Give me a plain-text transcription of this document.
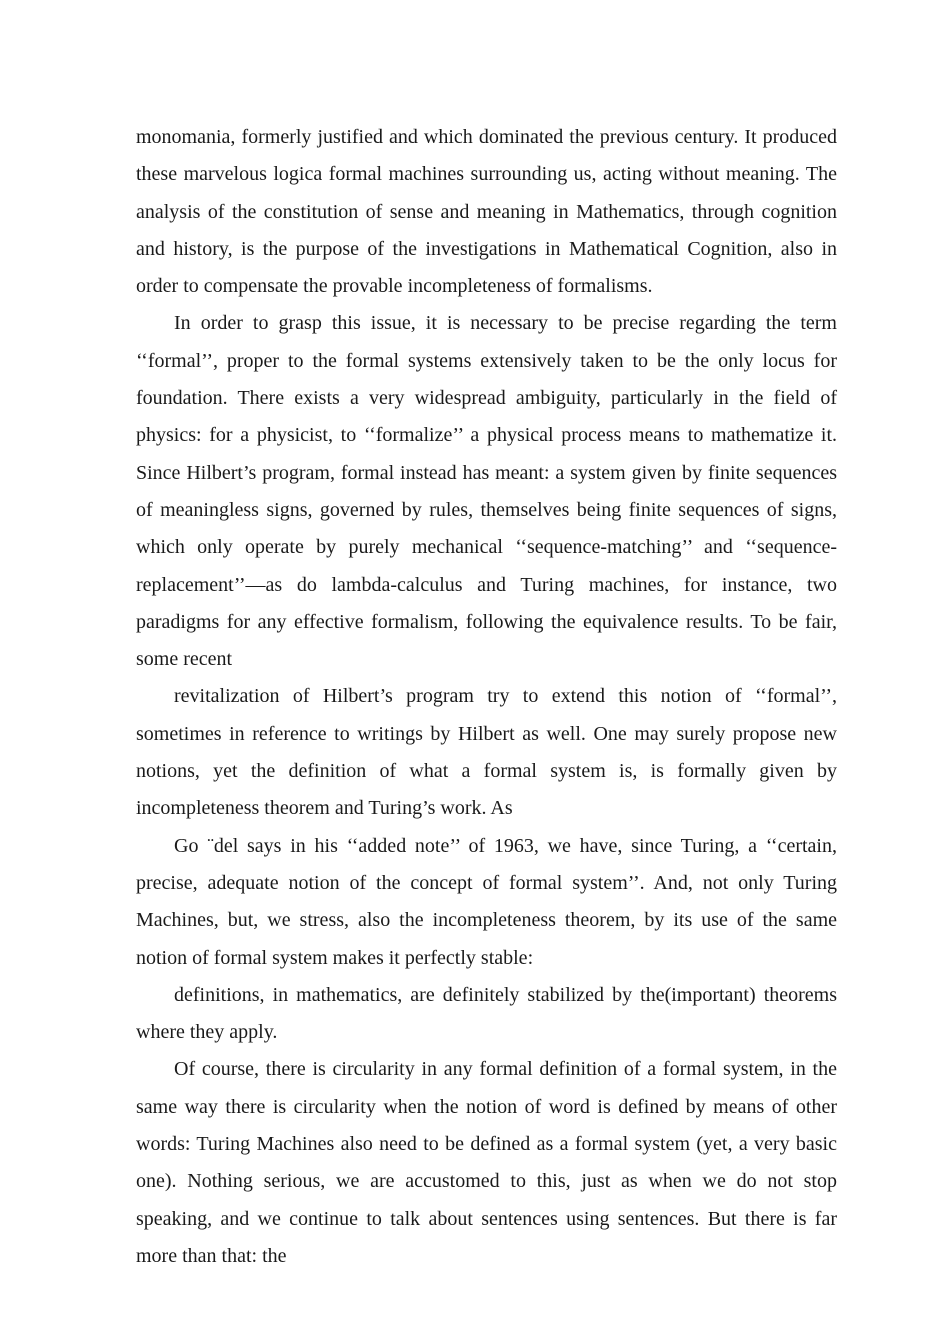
monomania, formerly justified and which dominated the previous century. It produced these marvelous logica formal machines surrounding us, acting without meaning. The analysis of the constitution of sense and meaning in Mathematics, through cognition and history, is the purpose of the investigations in Mathematical Cognition, also in order to compensate the provable incompleteness of formalisms.

In order to grasp this issue, it is necessary to be precise regarding the term ‘‘formal’’, proper to the formal systems extensively taken to be the only locus for foundation. There exists a very widespread ambiguity, particularly in the field of physics: for a physicist, to ‘‘formalize’’ a physical process means to mathematize it. Since Hilbert’s program, formal instead has meant: a system given by finite sequences of meaningless signs, governed by rules, themselves being finite sequences of signs, which only operate by purely mechanical ‘‘sequence-matching’’ and ‘‘sequence-replacement’’—as do lambda-calculus and Turing machines, for instance, two paradigms for any effective formalism, following the equivalence results. To be fair, some recent

revitalization of Hilbert’s program try to extend this notion of ‘‘formal’’, sometimes in reference to writings by Hilbert as well. One may surely propose new notions, yet the definition of what a formal system is, is formally given by incompleteness theorem and Turing’s work. As

Go ¨del says in his ‘‘added note’’ of 1963, we have, since Turing, a ‘‘certain, precise, adequate notion of the concept of formal system’’. And, not only Turing Machines, but, we stress, also the incompleteness theorem, by its use of the same notion of formal system makes it perfectly stable:

definitions, in mathematics, are definitely stabilized by the(important) theorems where they apply.

Of course, there is circularity in any formal definition of a formal system, in the same way there is circularity when the notion of word is defined by means of other words: Turing Machines also need to be defined as a formal system (yet, a very basic one). Nothing serious, we are accustomed to this, just as when we do not stop speaking, and we continue to talk about sentences using sentences. But there is far more than that: the
